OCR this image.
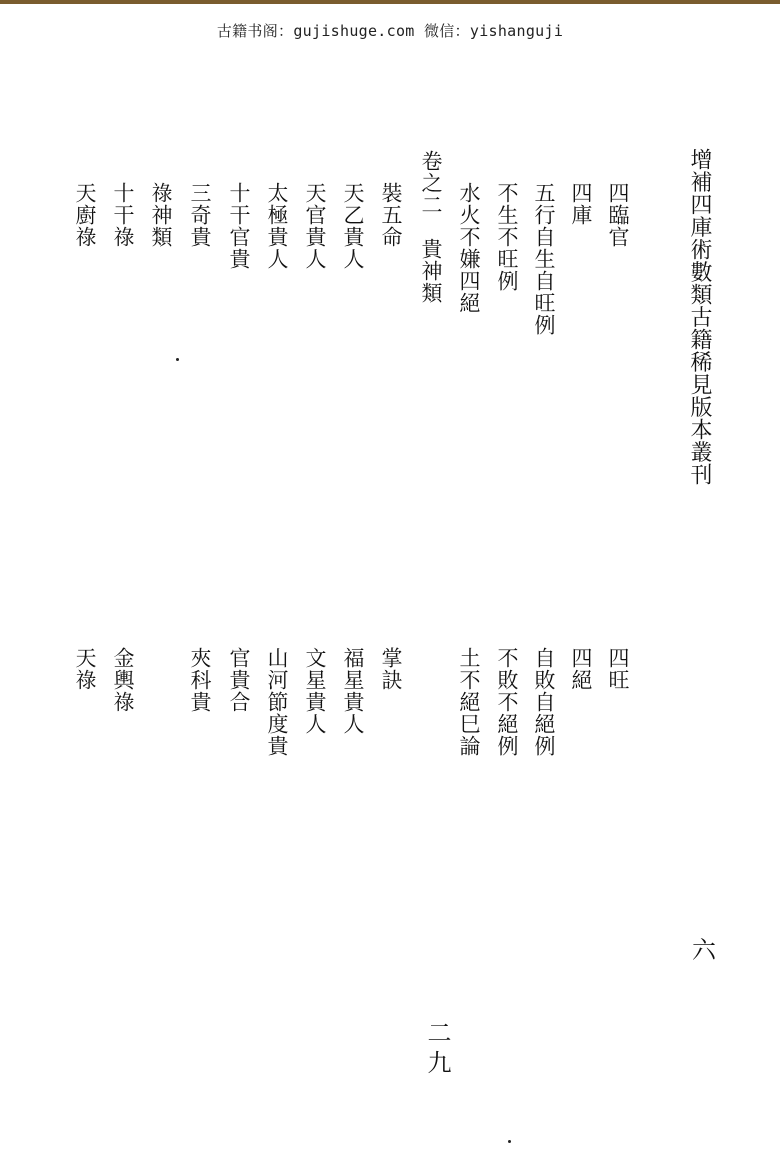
古籍书阁：gujishuge.com 微信：yishanguji
增補四庫術數類古籍稀見版本叢刊
六
四臨官
四庫
五行自生自旺例
不生不旺例
水火不嫌四絕
卷之二　貴神類
裝五命
天乙貴人
天官貴人
太極貴人
十干官貴
三奇貴
祿神類
十干祿
天廚祿
四旺
四絕
自敗自絕例
不敗不絕例
土不絕巳論
掌訣
福星貴人
文星貴人
山河節度貴
官貴合
夾科貴
金輿祿
天祿
二九
